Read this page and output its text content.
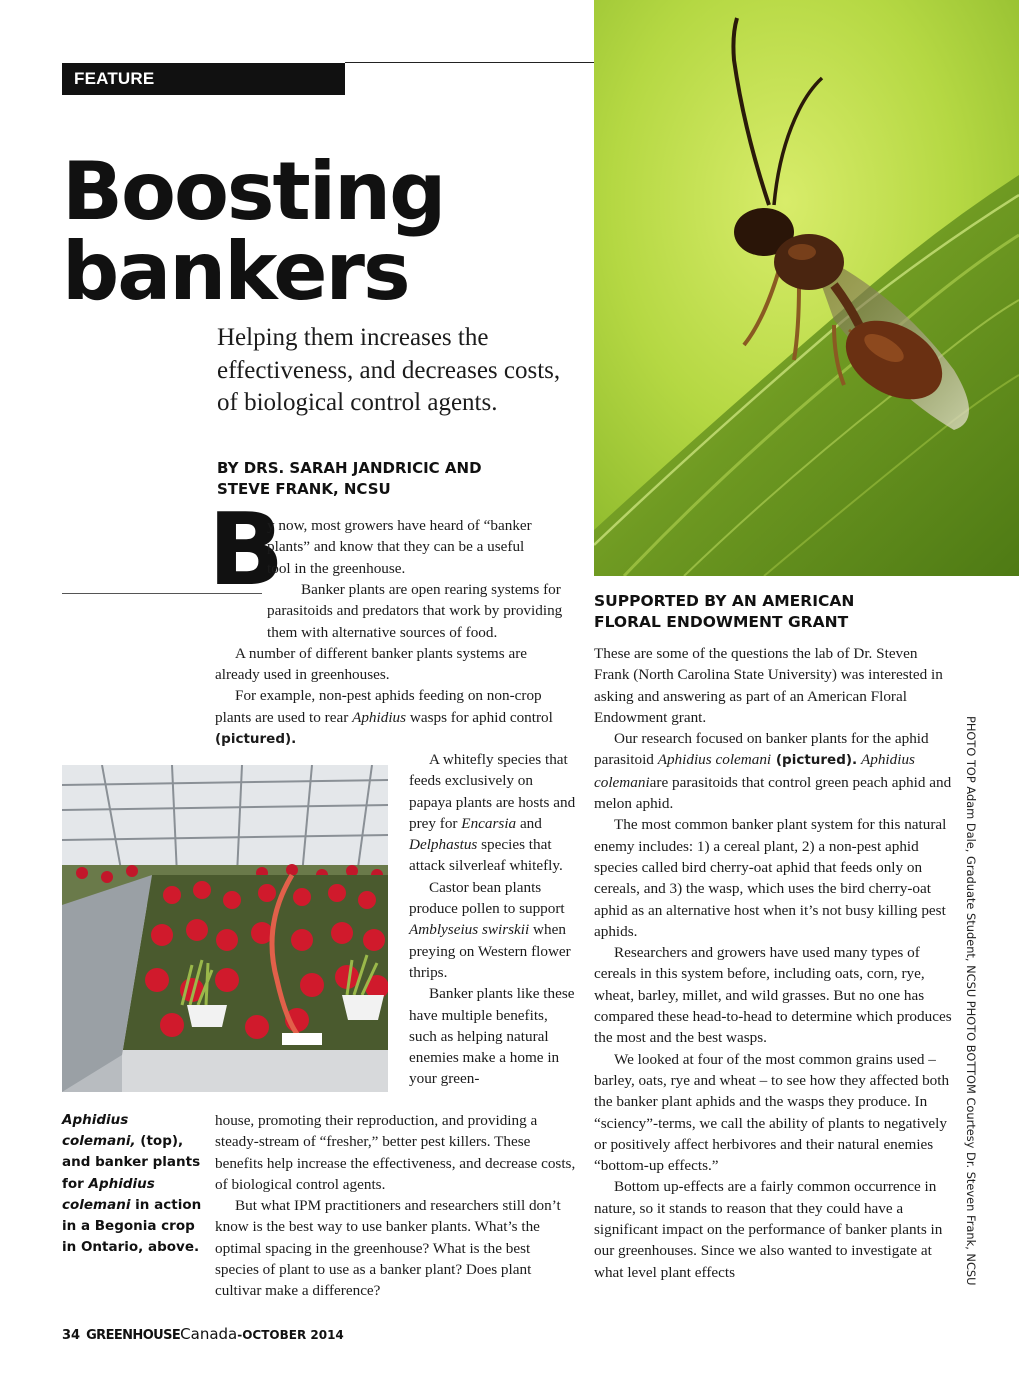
FEATURE
Boosting
bankers

Helping them increases the effectiveness, and decreases costs, of biological control agents.

BY DRS. SARAH JANDRICIC AND
STEVE FRANK, NCSU
B
y now, most growers have heard of “banker
plants” and know that they can be a useful
tool in the greenhouse.

Banker plants are open rearing systems for parasitoids and predators that work by providing them with alternative sources of food.

A number of different banker plants systems are already used in greenhouses.

For example, non-pest aphids feeding on non-crop plants are used to rear Aphidius wasps for aphid control (pictured).

A whitefly species that feeds exclusively on papaya plants are hosts and prey for Encarsia and Delphastus species that attack silverleaf whitefly.

Castor bean plants produce pollen to support Amblyseius swirskii when preying on Western flower thrips.

Banker plants like these have multiple benefits, such as helping natural enemies make a home in your green-

house, promoting their reproduction, and providing a steady-stream of “fresher,” better pest killers. These benefits help increase the effectiveness, and decrease costs, of biological control agents.

But what IPM practitioners and researchers still don’t know is the best way to use banker plants. What’s the optimal spacing in the greenhouse? What is the best species of plant to use as a banker plant? Does plant cultivar make a difference?

Aphidius colemani, (top), and banker plants for Aphidius colemani in action in a Begonia crop in Ontario, above.
SUPPORTED BY AN AMERICAN
FLORAL ENDOWMENT GRANT

These are some of the questions the lab of Dr. Steven Frank (North Carolina State University) was interested in asking and answering as part of an American Floral Endowment grant.

Our research focused on banker plants for the aphid parasitoid Aphidius colemani (pictured). Aphidius colemaniare parasitoids that control green peach aphid and melon aphid.

The most common banker plant system for this natural enemy includes: 1) a cereal plant, 2) a non-pest aphid species called bird cherry-oat aphid that feeds only on cereals, and 3) the wasp, which uses the bird cherry-oat aphid as an alternative host when it’s not busy killing pest aphids.

Researchers and growers have used many types of cereals in this system before, including oats, corn, rye, wheat, barley, millet, and wild grasses. But no one has compared these head-to-head to determine which produces the most and the best wasps.

We looked at four of the most common grains used – barley, oats, rye and wheat – to see how they affected both the banker plant aphids and the wasps they produce. In “sciency”-terms, we call the ability of plants to negatively or positively affect herbivores and their natural enemies “bottom-up effects.”

Bottom up-effects are a fairly common occurrence in nature, so it stands to reason that they could have a significant impact on the performance of banker plants in our greenhouses. Since we also wanted to investigate at what level plant effects	PHOTO TOP Adam Dale, Graduate Student, NCSU PHOTO BOTTOM Courtesy Dr. Steven Frank, NCSU
34 GREENHOUSECanada-OCTOBER 2014
